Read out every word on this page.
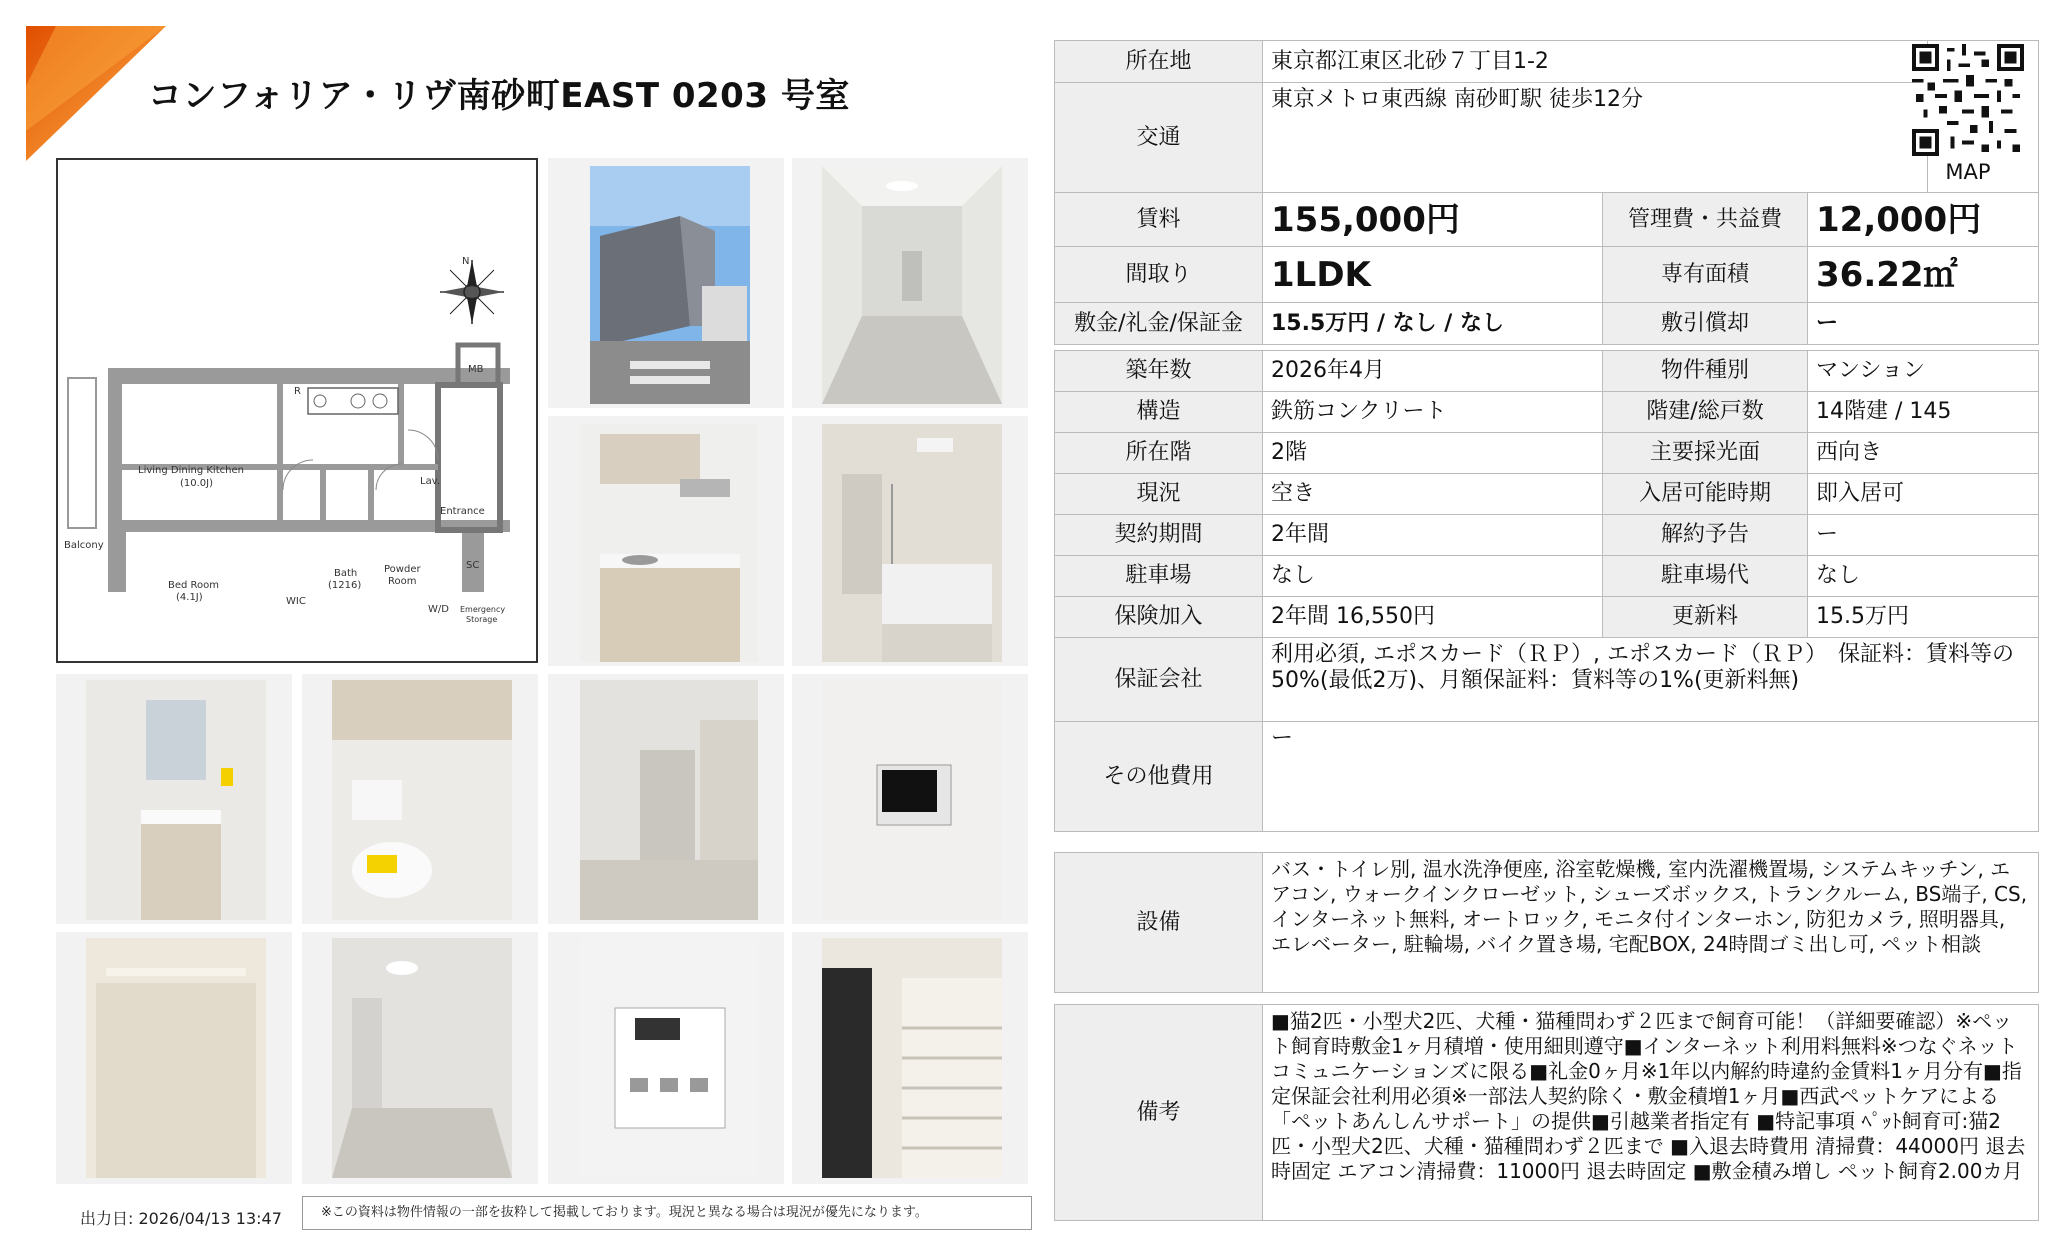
コンフォリア・リヴ南砂町EAST 0203 号室
Living Dining Kitchen
(10.0J)
Bed Room
(4.1J)
Bath
(1216)
Powder
Room
Balcony
Entrance
WIC
Lav.
MB
SC
W/D Emergency
Storage
R
N
出力日: 2026/04/13 13:47	※この資料は物件情報の一部を抜粋して掲載しております。現況と異なる場合は現況が優先になります。
所在地	東京都江東区北砂７丁目1-2			
交通	東京メトロ東西線 南砂町駅 徒歩12分			
賃料	155,000円	管理費・共益費	12,000円	
間取り	1LDK	専有面積	36.22㎡	
敷金/礼金/保証金	15.5万円 / なし / なし	敷引償却	ー	
MAP
築年数	2026年4月	物件種別	マンション
構造	鉄筋コンクリート	階建/総戸数	14階建 / 145
所在階	2階	主要採光面	西向き
現況	空き	入居可能時期	即入居可
契約期間	2年間	解約予告	ー
駐車場	なし	駐車場代	なし
保険加入	2年間 16,550円	更新料	15.5万円
保証会社	利用必須, エポスカード（ＲＰ）, エポスカード（ＲＰ）　保証料：賃料等の50%(最低2万)、月額保証料：賃料等の1%(更新料無)		
その他費用	ー		
設備	バス・トイレ別, 温水洗浄便座, 浴室乾燥機, 室内洗濯機置場, システムキッチン, エアコン, ウォークインクローゼット, シューズボックス, トランクルーム, BS端子, CS, インターネット無料, オートロック, モニタ付インターホン, 防犯カメラ, 照明器具, エレベーター, 駐輪場, バイク置き場, 宅配BOX, 24時間ゴミ出し可, ペット相談
備考	■猫2匹・小型犬2匹、犬種・猫種問わず２匹まで飼育可能！（詳細要確認）※ペット飼育時敷金1ヶ月積増・使用細則遵守■インターネット利用料無料※つなぐネットコミュニケーションズに限る■礼金0ヶ月※1年以内解約時違約金賃料1ヶ月分有■指定保証会社利用必須※一部法人契約除く・敷金積増1ヶ月■西武ペットケアによる「ペットあんしんサポート」の提供■引越業者指定有 ■特記事項 ﾍﾟｯﾄ飼育可:猫2匹・小型犬2匹、犬種・猫種問わず２匹まで ■入退去時費用 清掃費：44000円 退去時固定 エアコン清掃費：11000円 退去時固定 ■敷金積み増し ペット飼育2.00カ月
